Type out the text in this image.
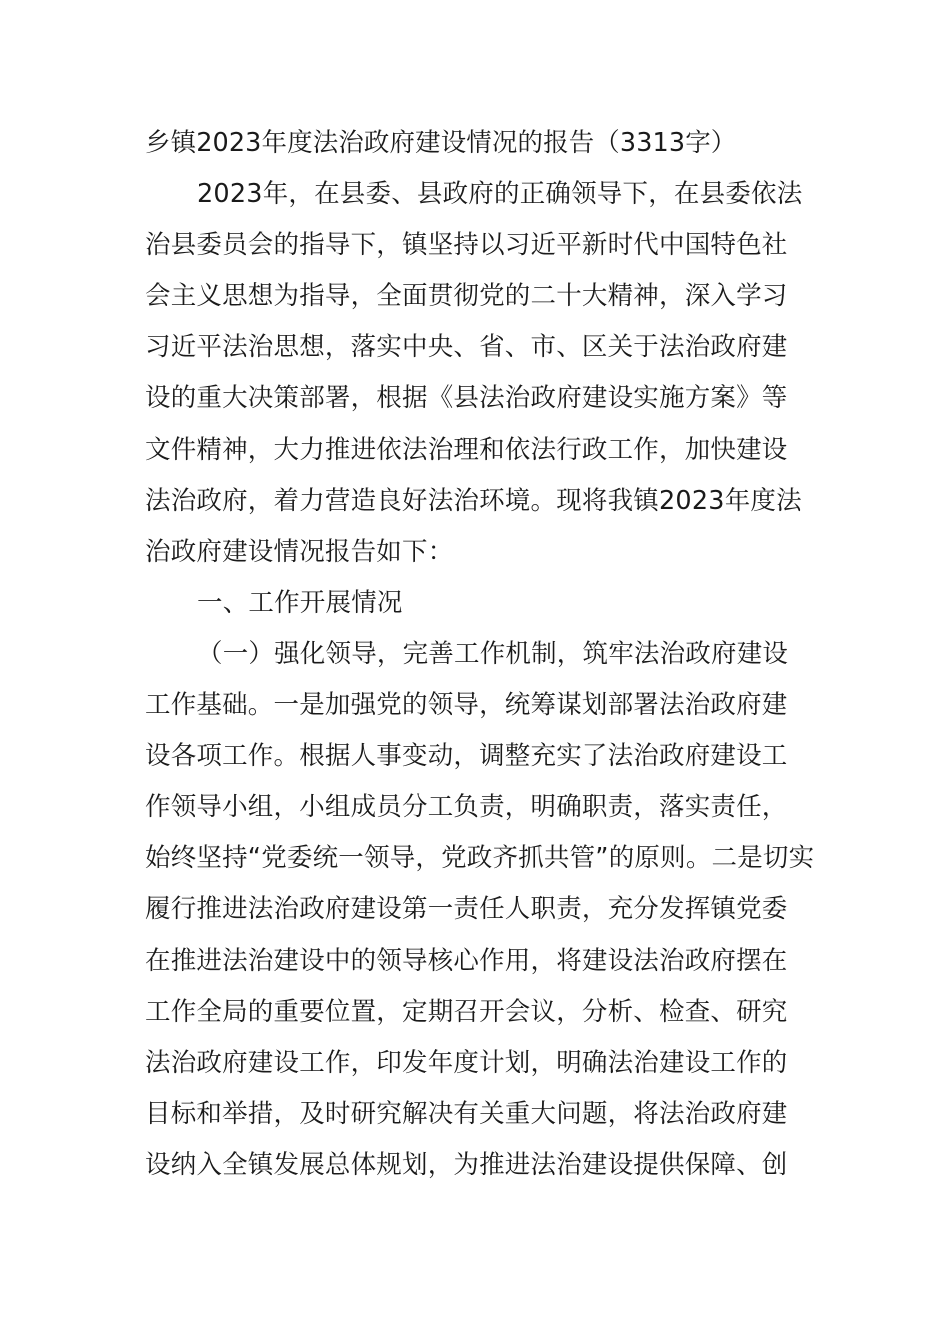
乡镇2023年度法治政府建设情况的报告（3313字）
2023年，在县委、县政府的正确领导下，在县委依法
治县委员会的指导下，镇坚持以习近平新时代中国特色社
会主义思想为指导，全面贯彻党的二十大精神，深入学习
习近平法治思想，落实中央、省、市、区关于法治政府建
设的重大决策部署，根据《县法治政府建设实施方案》等
文件精神，大力推进依法治理和依法行政工作，加快建设
法治政府，着力营造良好法治环境。现将我镇2023年度法
治政府建设情况报告如下：
一、工作开展情况
（一）强化领导，完善工作机制，筑牢法治政府建设
工作基础。一是加强党的领导，统筹谋划部署法治政府建
设各项工作。根据人事变动，调整充实了法治政府建设工
作领导小组，小组成员分工负责，明确职责，落实责任，
始终坚持“党委统一领导，党政齐抓共管”的原则。二是切实
履行推进法治政府建设第一责任人职责，充分发挥镇党委
在推进法治建设中的领导核心作用，将建设法治政府摆在
工作全局的重要位置，定期召开会议，分析、检查、研究
法治政府建设工作，印发年度计划，明确法治建设工作的
目标和举措，及时研究解决有关重大问题，将法治政府建
设纳入全镇发展总体规划，为推进法治建设提供保障、创
